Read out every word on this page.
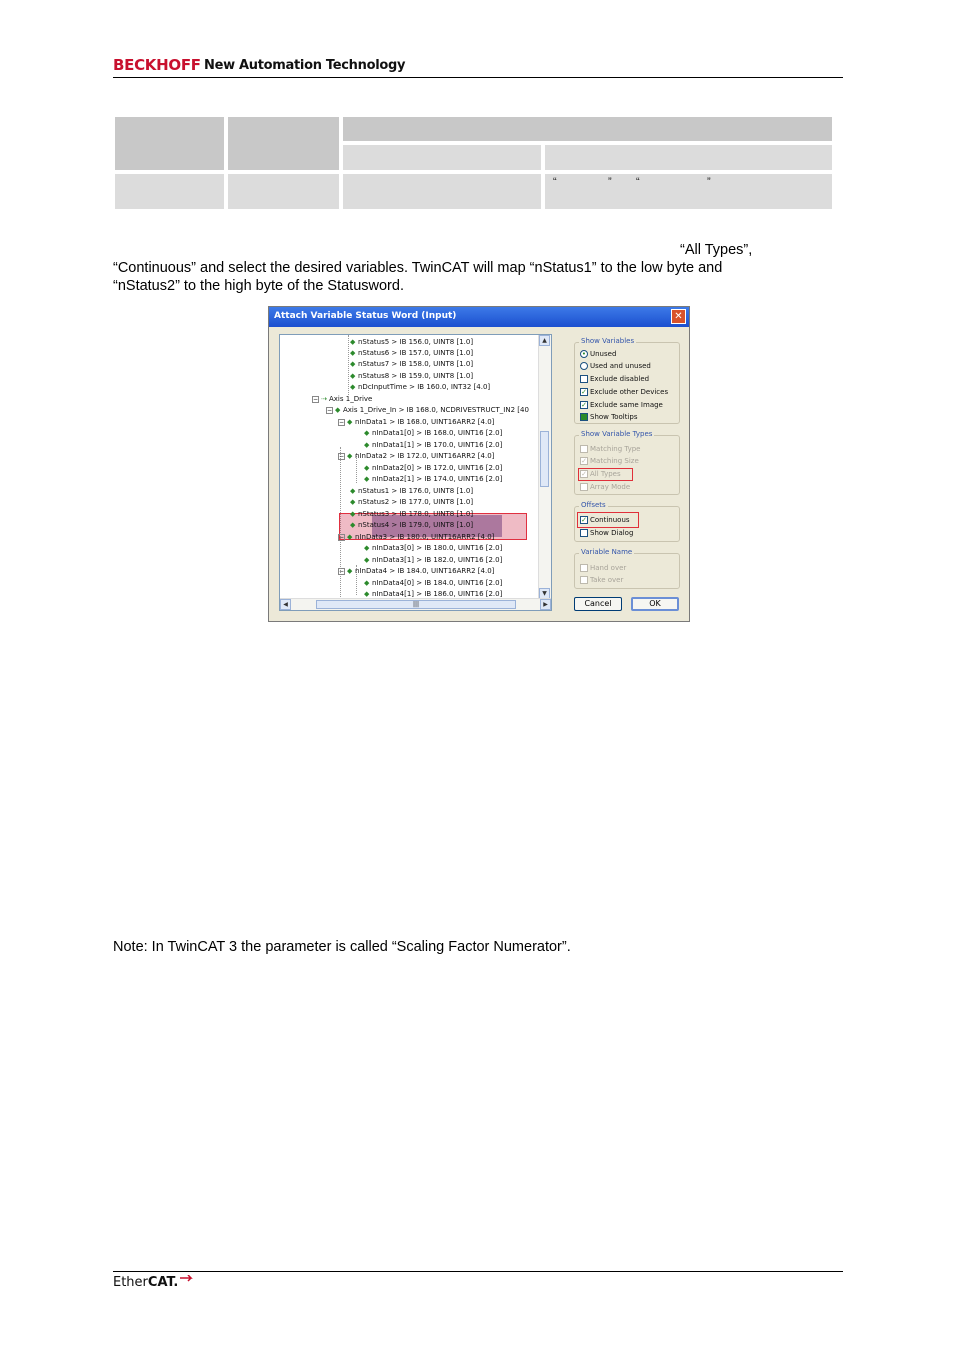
BECKHOFF New Automation Technology
“	” “	”
“All Types”,
“Continuous” and select the desired variables. TwinCAT will map “nStatus1” to the low byte and
“nStatus2” to the high byte of the Statusword.
Attach Variable Status Word (Input)	✕
◆ nStatus5 > IB 156.0, UINT8 [1.0]
◆ nStatus6 > IB 157.0, UINT8 [1.0]
◆ nStatus7 > IB 158.0, UINT8 [1.0]
◆ nStatus8 > IB 159.0, UINT8 [1.0]
◆ nDcInputTime > IB 160.0, INT32 [4.0]
− ⇢ Axis 1_Drive
− ◆ Axis 1_Drive_In > IB 168.0, NCDRIVESTRUCT_IN2 [40
− ◆ nInData1 > IB 168.0, UINT16ARR2 [4.0]
◆ nInData1[0] > IB 168.0, UINT16 [2.0]
◆ nInData1[1] > IB 170.0, UINT16 [2.0]
− ◆ nInData2 > IB 172.0, UINT16ARR2 [4.0]
◆ nInData2[0] > IB 172.0, UINT16 [2.0]
◆ nInData2[1] > IB 174.0, UINT16 [2.0]
◆ nStatus1 > IB 176.0, UINT8 [1.0]
◆ nStatus2 > IB 177.0, UINT8 [1.0]
◆ nStatus3 > IB 178.0, UINT8 [1.0]
◆ nStatus4 > IB 179.0, UINT8 [1.0]
− ◆ nInData3 > IB 180.0, UINT16ARR2 [4.0]
◆ nInData3[0] > IB 180.0, UINT16 [2.0]
◆ nInData3[1] > IB 182.0, UINT16 [2.0]
− ◆ nInData4 > IB 184.0, UINT16ARR2 [4.0]
◆ nInData4[0] > IB 184.0, UINT16 [2.0]
◆ nInData4[1] > IB 186.0, UINT16 [2.0]
▲
▼
◀	|||	▶
Show Variables
• Unused
Used and unused
Exclude disabled
✓ Exclude other Devices
✓ Exclude same Image
Show Tooltips
Show Variable Types
Matching Type
✓ Matching Size
✓ All Types
Array Mode
Offsets
✓ Continuous
Show Dialog
Variable Name
Hand over
Take over
Cancel	OK
Note: In TwinCAT 3 the parameter is called “Scaling Factor Numerator”.
EtherCAT.
